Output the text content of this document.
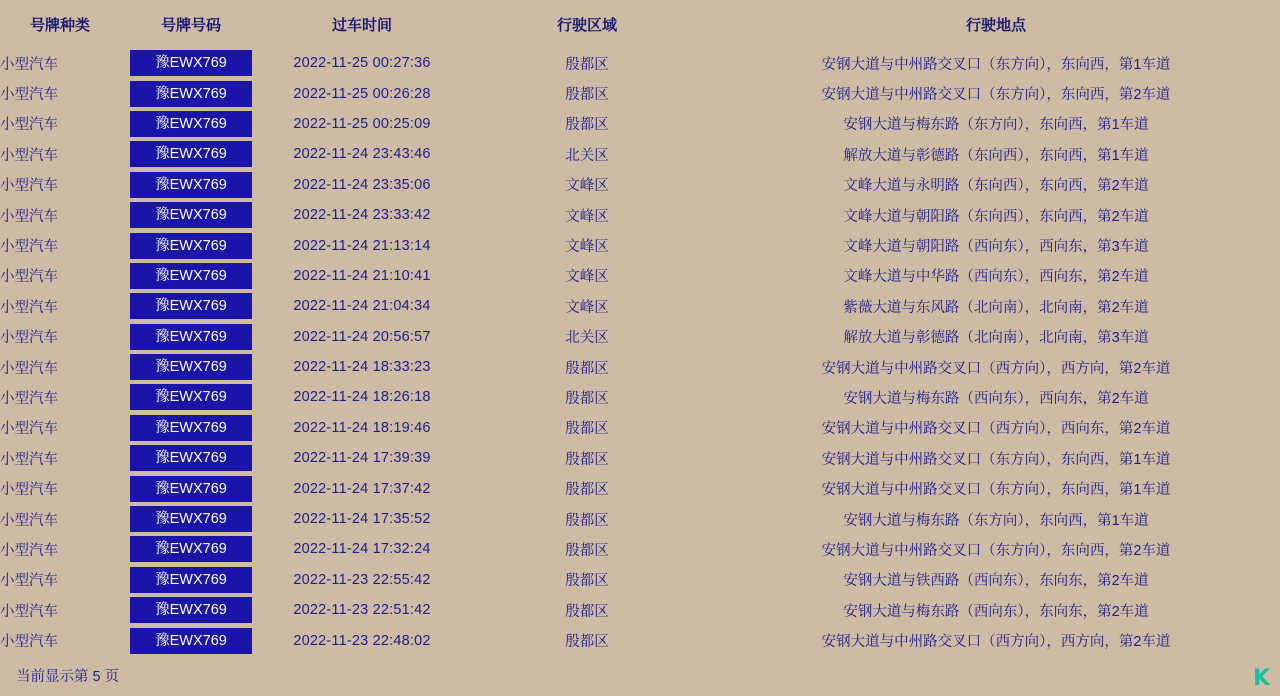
号牌种类	号牌号码	过车时间	行驶区域	行驶地点
小型汽车	豫EWX769	2022-11-25 00:27:36	殷都区	安钢大道与中州路交叉口（东方向），东向西，第1车道
小型汽车	豫EWX769	2022-11-25 00:26:28	殷都区	安钢大道与中州路交叉口（东方向），东向西，第2车道
小型汽车	豫EWX769	2022-11-25 00:25:09	殷都区	安钢大道与梅东路（东方向），东向西，第1车道
小型汽车	豫EWX769	2022-11-24 23:43:46	北关区	解放大道与彰德路（东向西），东向西，第1车道
小型汽车	豫EWX769	2022-11-24 23:35:06	文峰区	文峰大道与永明路（东向西），东向西，第2车道
小型汽车	豫EWX769	2022-11-24 23:33:42	文峰区	文峰大道与朝阳路（东向西），东向西，第2车道
小型汽车	豫EWX769	2022-11-24 21:13:14	文峰区	文峰大道与朝阳路（西向东），西向东，第3车道
小型汽车	豫EWX769	2022-11-24 21:10:41	文峰区	文峰大道与中华路（西向东），西向东，第2车道
小型汽车	豫EWX769	2022-11-24 21:04:34	文峰区	紫薇大道与东风路（北向南），北向南，第2车道
小型汽车	豫EWX769	2022-11-24 20:56:57	北关区	解放大道与彰德路（北向南），北向南，第3车道
小型汽车	豫EWX769	2022-11-24 18:33:23	殷都区	安钢大道与中州路交叉口（西方向），西方向，第2车道
小型汽车	豫EWX769	2022-11-24 18:26:18	殷都区	安钢大道与梅东路（西向东），西向东，第2车道
小型汽车	豫EWX769	2022-11-24 18:19:46	殷都区	安钢大道与中州路交叉口（西方向），西向东，第2车道
小型汽车	豫EWX769	2022-11-24 17:39:39	殷都区	安钢大道与中州路交叉口（东方向），东向西，第1车道
小型汽车	豫EWX769	2022-11-24 17:37:42	殷都区	安钢大道与中州路交叉口（东方向），东向西，第1车道
小型汽车	豫EWX769	2022-11-24 17:35:52	殷都区	安钢大道与梅东路（东方向），东向西，第1车道
小型汽车	豫EWX769	2022-11-24 17:32:24	殷都区	安钢大道与中州路交叉口（东方向），东向西，第2车道
小型汽车	豫EWX769	2022-11-23 22:55:42	殷都区	安钢大道与铁西路（西向东），东向东，第2车道
小型汽车	豫EWX769	2022-11-23 22:51:42	殷都区	安钢大道与梅东路（西向东），东向东，第2车道
小型汽车	豫EWX769	2022-11-23 22:48:02	殷都区	安钢大道与中州路交叉口（西方向），西方向，第2车道
当前显示第 5 页	K
